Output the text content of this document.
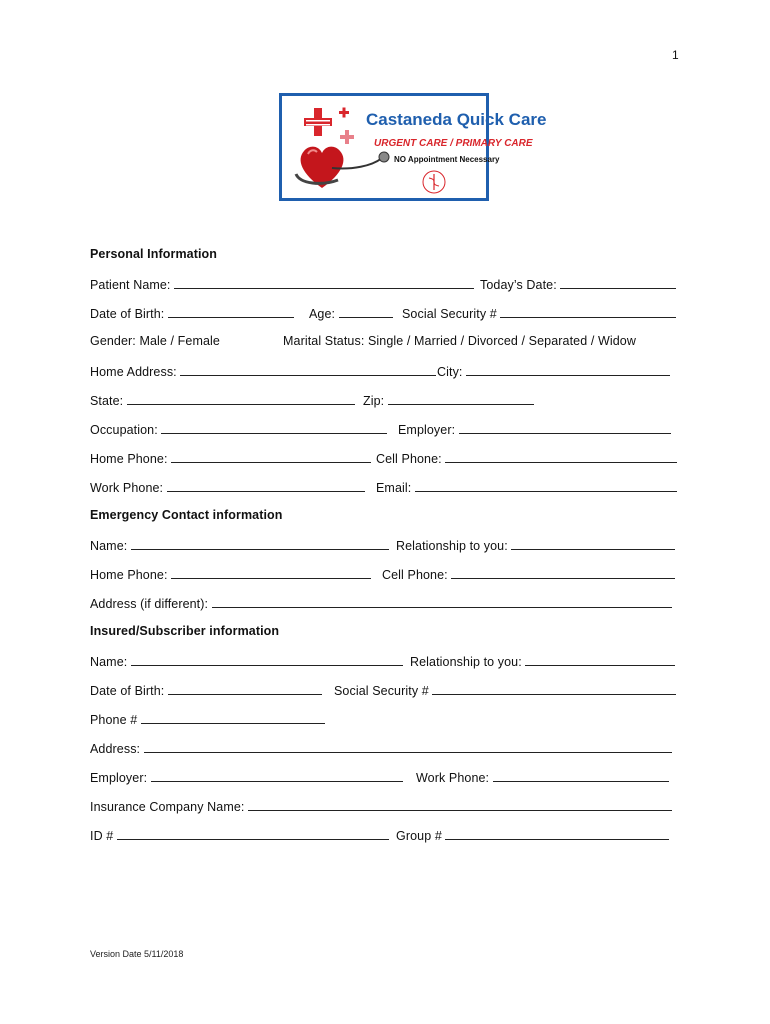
1
Castaneda Quick Care
URGENT CARE / PRIMARY CARE
NO Appointment Necessary
Personal Information
Patient Name:	Today’s Date:
Date of Birth:	Age:	Social Security #
Gender: Male / Female	Marital Status: Single / Married / Divorced / Separated / Widow
Home Address:	City:
State:	Zip:
Occupation:	Employer:
Home Phone:	Cell Phone:
Work Phone:	Email:
Emergency Contact information
Name:	Relationship to you:
Home Phone:	Cell Phone:
Address (if different):
Insured/Subscriber information
Name:	Relationship to you:
Date of Birth:	Social Security #
Phone #
Address:
Employer:	Work Phone:
Insurance Company Name:
ID #	Group #
Version Date 5/11/2018
